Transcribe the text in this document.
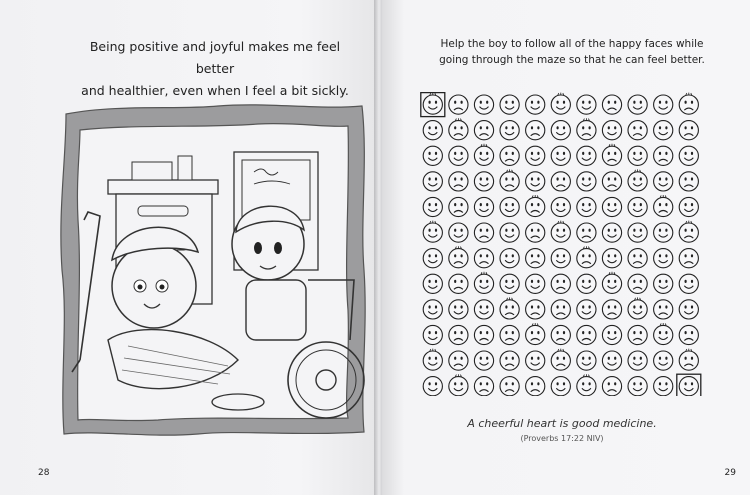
Being positive and joyful makes me feel better
and healthier, even when I feel a bit sickly.
28
Help the boy to follow all of the happy faces while
going through the maze so that he can feel better.
A cheerful heart is good medicine.
(Proverbs 17:22 NIV)
29
